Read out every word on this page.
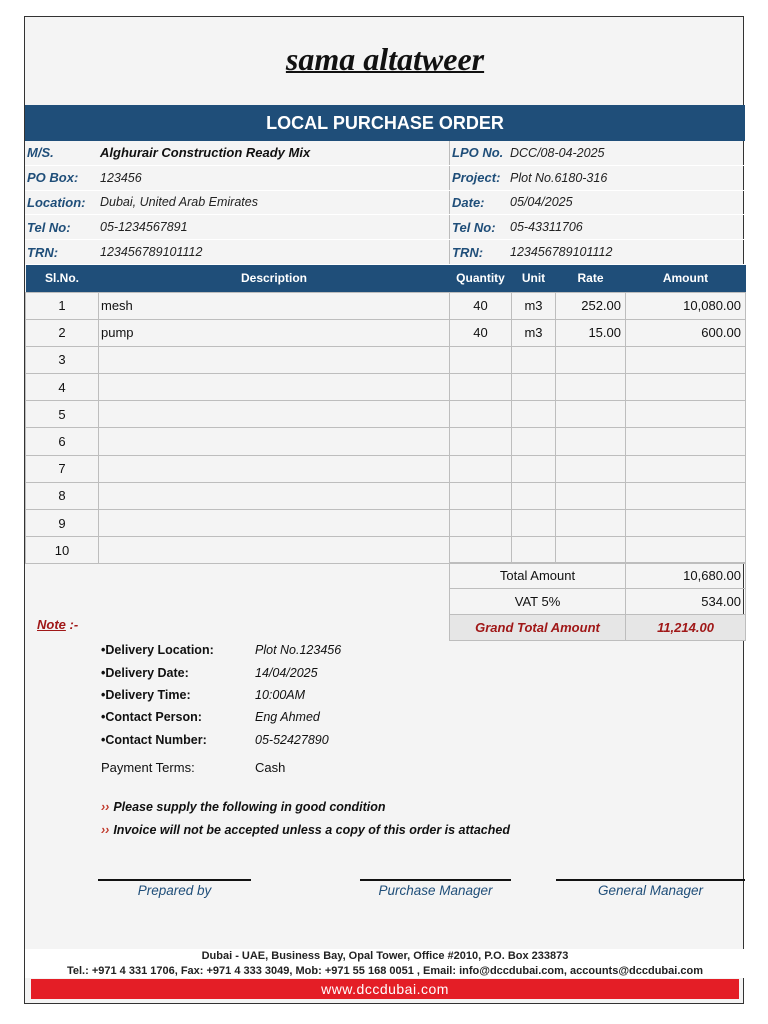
sama altatweer
LOCAL PURCHASE ORDER
M/S.	Alghurair Construction Ready Mix
PO Box:	123456
Location:	Dubai, United Arab Emirates
Tel No:	05-1234567891
TRN:	123456789101112
LPO No. DCC/08-04-2025
Project: Plot No.6180-316
Date:	05/04/2025
Tel No:	05-43311706
TRN:	123456789101112
Sl.No.	Description	Quantity	Unit	Rate	Amount
1	mesh	40	m3	252.00	10,080.00
2	pump	40	m3	15.00	600.00
3					
4					
5					
6					
7					
8					
9					
10					
Total Amount	10,680.00
VAT 5%	534.00
Grand Total Amount	11,214.00
Note :-
•Delivery Location:	Plot No.123456
•Delivery Date:	14/04/2025
•Delivery Time:	10:00AM
•Contact Person:	Eng Ahmed
•Contact Number:	05-52427890
Payment Terms:	Cash
›› Please supply the following in good condition
›› Invoice will not be accepted unless a copy of this order is attached
Prepared by	Purchase Manager	General Manager
Dubai - UAE, Business Bay, Opal Tower, Office #2010, P.O. Box 233873
Tel.: +971 4 331 1706, Fax: +971 4 333 3049, Mob: +971 55 168 0051 , Email: info@dccdubai.com, accounts@dccdubai.com
www.dccdubai.com
